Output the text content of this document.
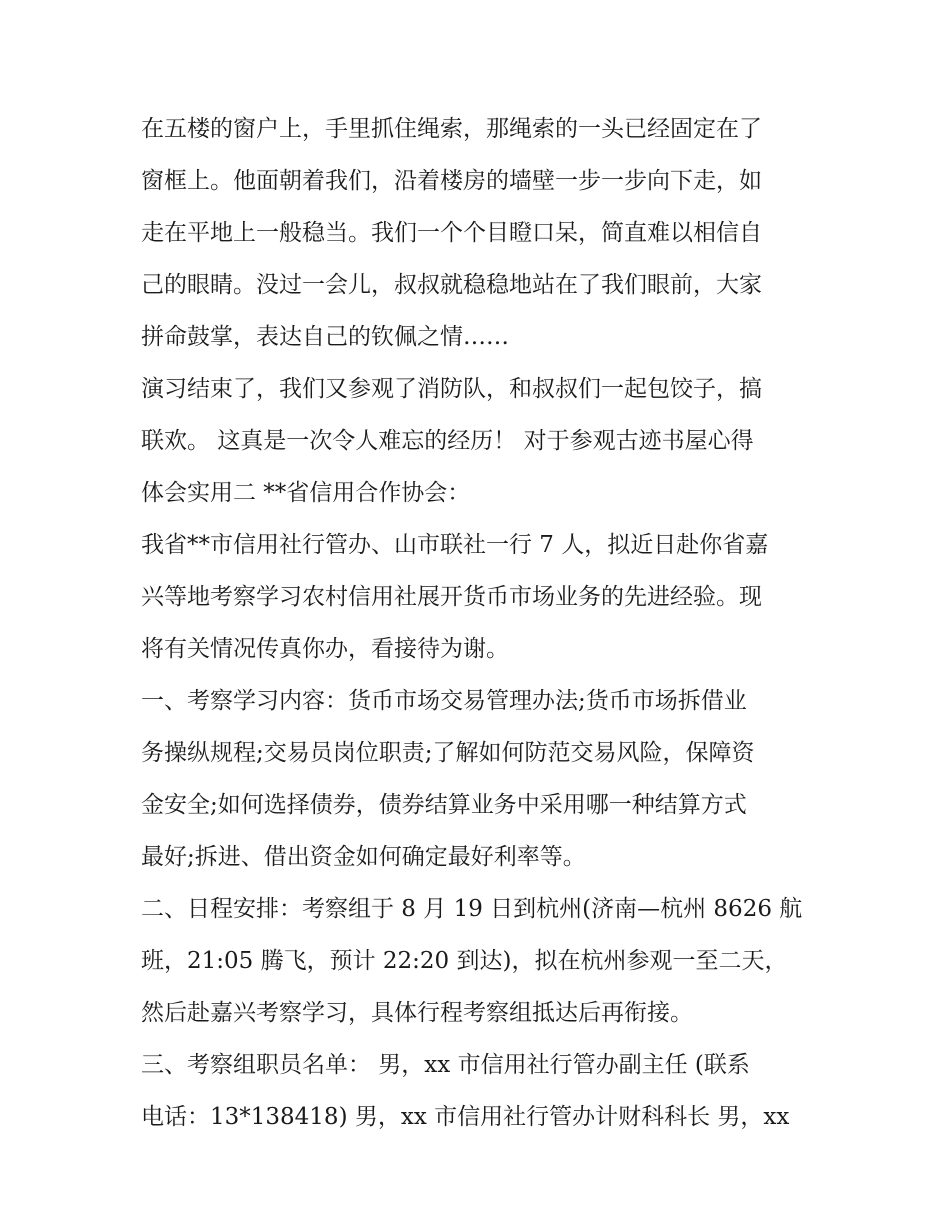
在五楼的窗户上，手里抓住绳索，那绳索的一头已经固定在了
窗框上。他面朝着我们，沿着楼房的墙壁一步一步向下走，如
走在平地上一般稳当。我们一个个目瞪口呆，简直难以相信自
己的眼睛。没过一会儿，叔叔就稳稳地站在了我们眼前，大家
拼命鼓掌，表达自己的钦佩之情……
演习结束了，我们又参观了消防队，和叔叔们一起包饺子，搞
联欢。 这真是一次令人难忘的经历！ 对于参观古迹书屋心得
体会实用二 **省信用合作协会：
我省**市信用社行管办、山市联社一行 7 人，拟近日赴你省嘉
兴等地考察学习农村信用社展开货币市场业务的先进经验。现
将有关情况传真你办，看接待为谢。
一、考察学习内容：货币市场交易管理办法;货币市场拆借业
务操纵规程;交易员岗位职责;了解如何防范交易风险，保障资
金安全;如何选择债券，债券结算业务中采用哪一种结算方式
最好;拆进、借出资金如何确定最好利率等。
二、日程安排：考察组于 8 月 19 日到杭州(济南—杭州 8626 航
班，21:05 腾飞，预计 22:20 到达)，拟在杭州参观一至二天，
然后赴嘉兴考察学习，具体行程考察组抵达后再衔接。
三、考察组职员名单： 男，xx 市信用社行管办副主任 (联系
电话：13*138418) 男，xx 市信用社行管办计财科科长 男，xx
